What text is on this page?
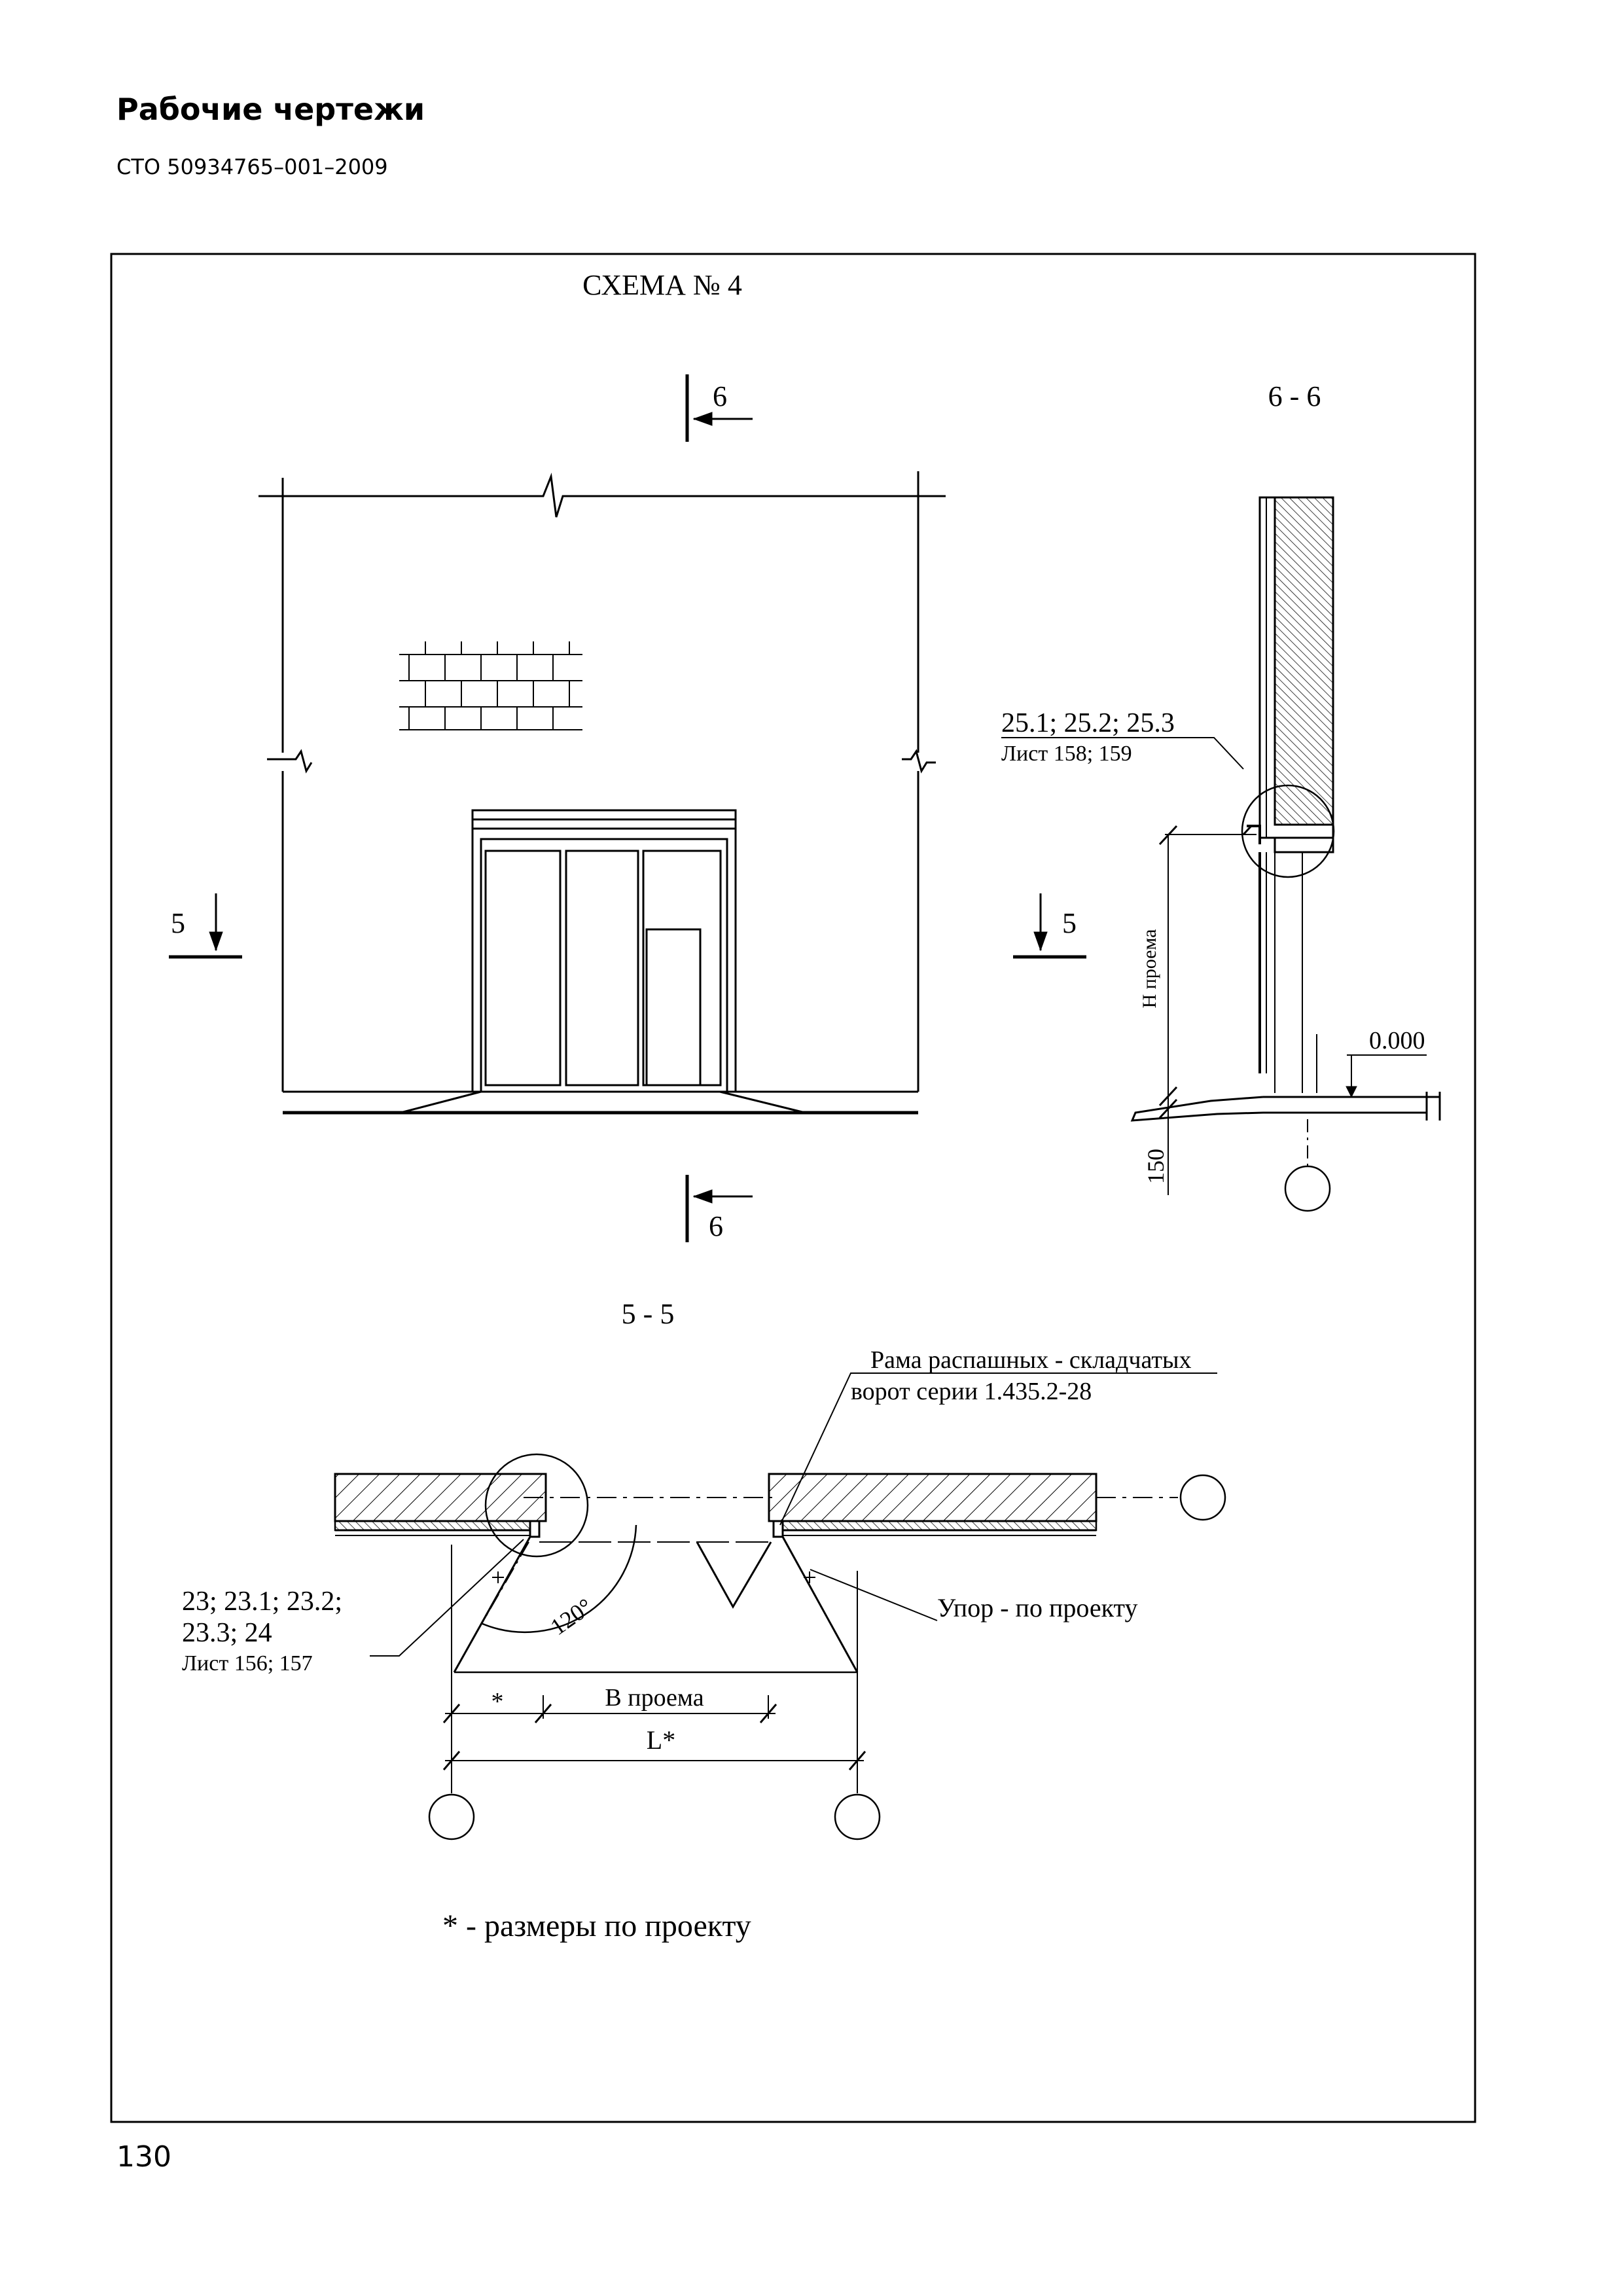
Рабочие чертежи
СТО 50934765–001–2009
130
СХЕМА № 4
6
6
5	5
6 - 6
25.1; 25.2; 25.3
Лист 158; 159
Н проема
150
0.000
5 - 5
Рама распашных - складчатых
ворот серии 1.435.2-28
Упор - по проекту
23; 23.1; 23.2;
23.3; 24
Лист 156; 157
120°
*	В проема
L*
* - размеры по проекту
